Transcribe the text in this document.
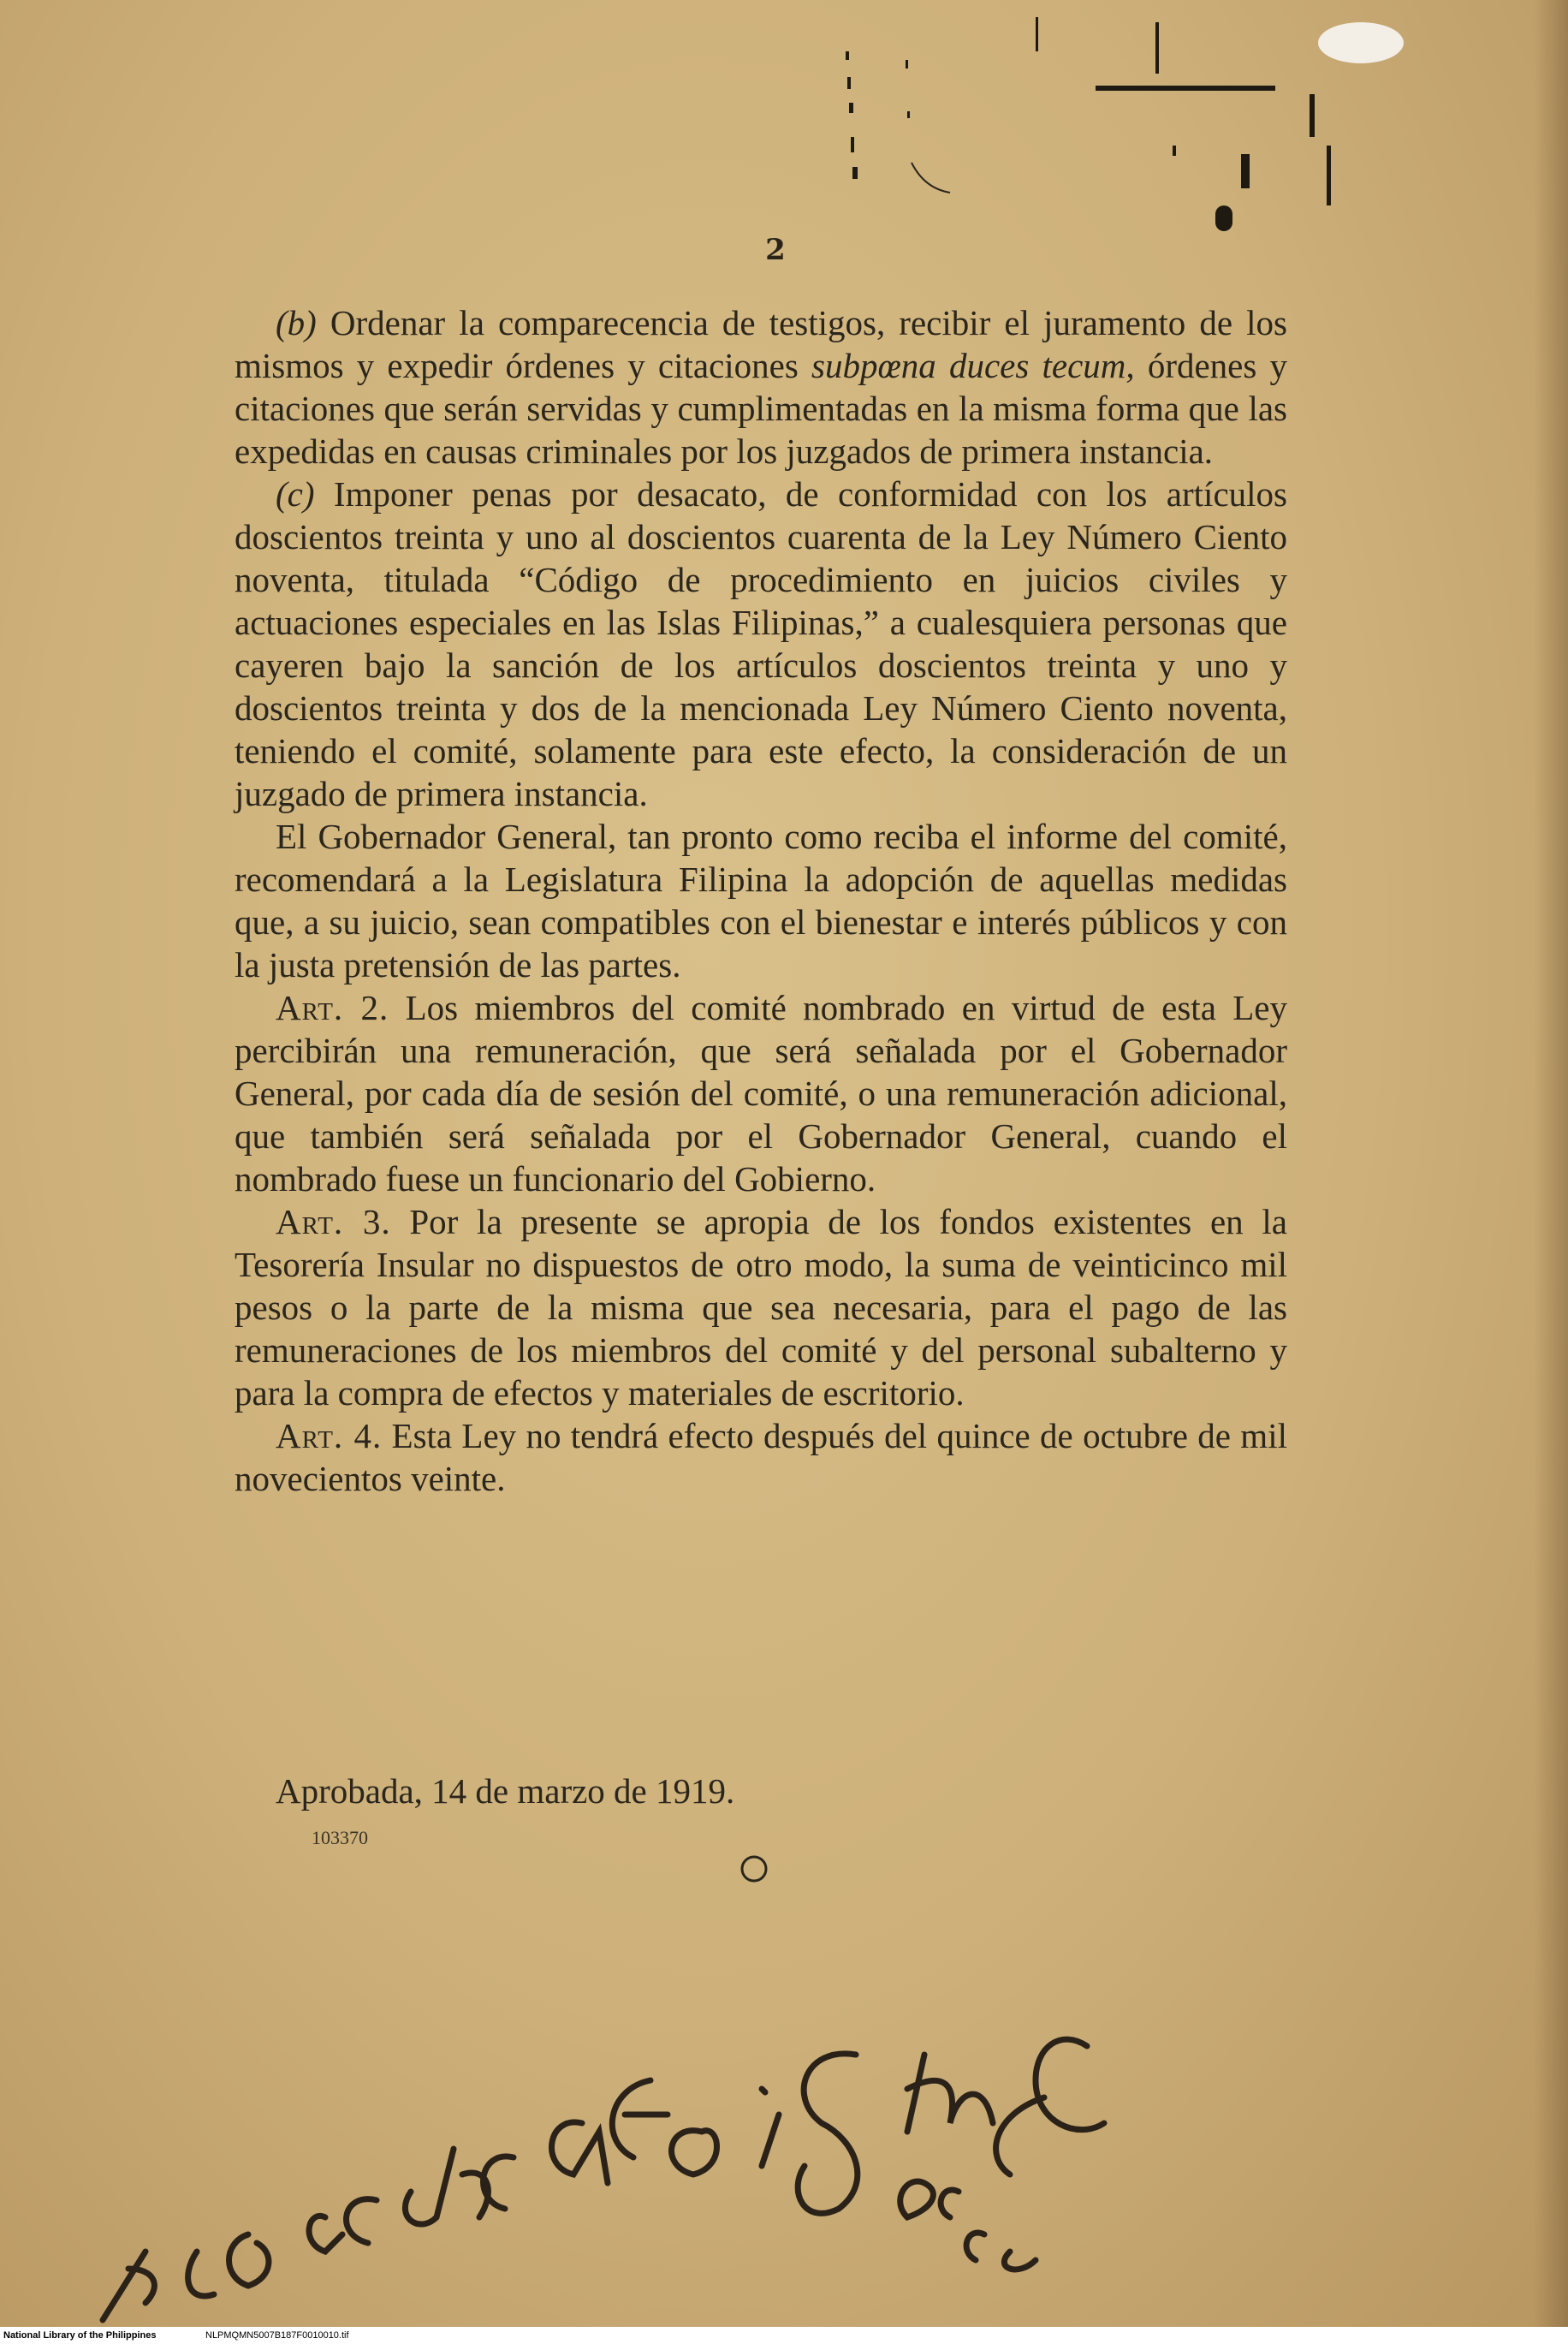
2

(b) Ordenar la comparecencia de testigos, recibir el juramento de los mismos y expedir órdenes y citaciones subpœna duces tecum, órdenes y citaciones que serán servidas y cumplimentadas en la misma forma que las expedidas en causas criminales por los juzgados de primera instancia.

(c) Imponer penas por desacato, de conformidad con los artículos doscientos treinta y uno al doscientos cuarenta de la Ley Número Ciento noventa, titulada “Código de procedimiento en juicios civiles y actuaciones especiales en las Islas Filipinas,” a cualesquiera personas que cayeren bajo la sanción de los artículos doscientos treinta y uno y doscientos treinta y dos de la mencionada Ley Número Ciento noventa, teniendo el comité, solamente para este efecto, la consideración de un juzgado de primera instancia.

El Gobernador General, tan pronto como reciba el informe del comité, recomendará a la Legislatura Filipina la adopción de aquellas medidas que, a su juicio, sean compatibles con el bienestar e interés públicos y con la justa pretensión de las partes.

Art. 2. Los miembros del comité nombrado en virtud de esta Ley percibirán una remuneración, que será señalada por el Gobernador General, por cada día de sesión del comité, o una remuneración adicional, que también será señalada por el Gobernador General, cuando el nombrado fuese un funcionario del Gobierno.

Art. 3. Por la presente se apropia de los fondos existentes en la Tesorería Insular no dispuestos de otro modo, la suma de veinticinco mil pesos o la parte de la misma que sea necesaria, para el pago de las remuneraciones de los miembros del comité y del personal subalterno y para la compra de efectos y materiales de escritorio.

Art. 4. Esta Ley no tendrá efecto después del quince de octubre de mil novecientos veinte.

Aprobada, 14 de marzo de 1919.
103370
National Library of the Philippines	NLPMQMN5007B187F0010010.tif
